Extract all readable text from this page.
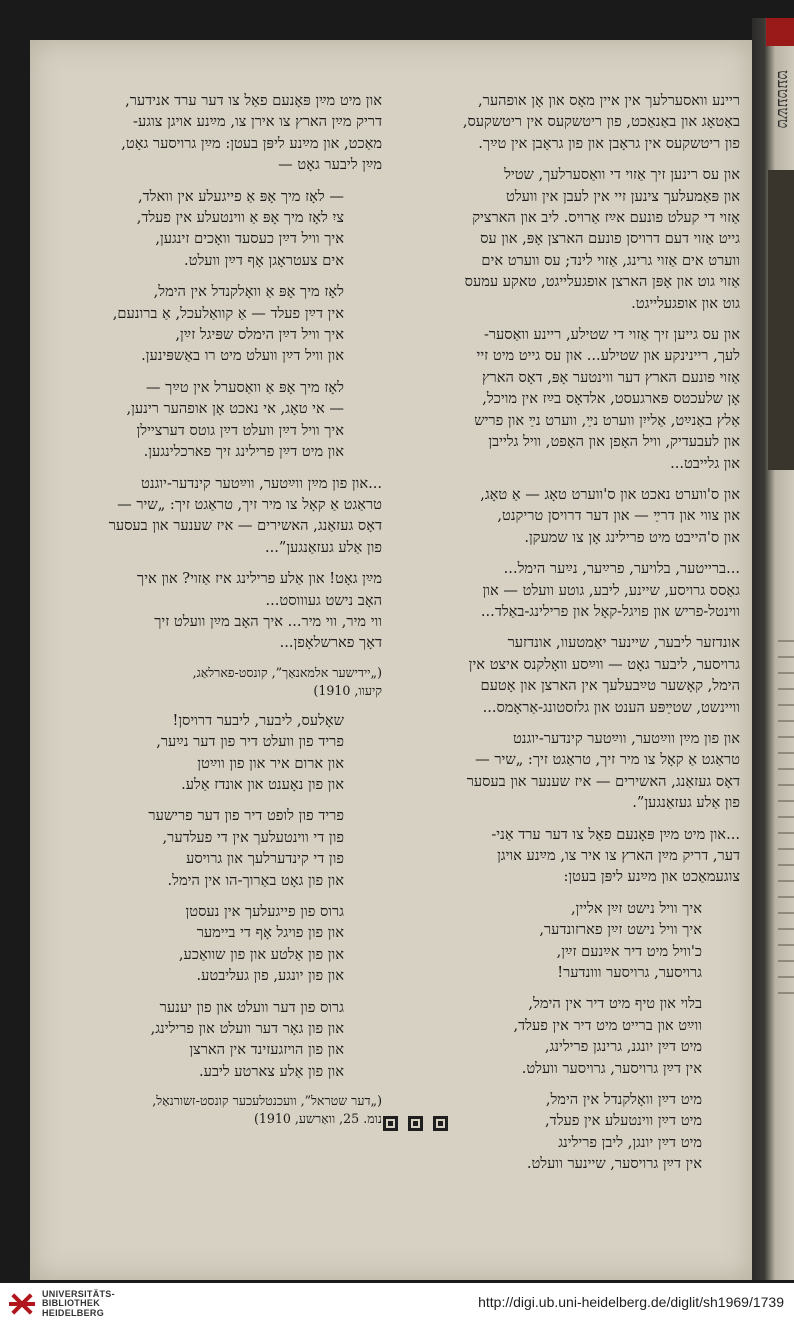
טשעטעט

ריינע וואסערלעך אין איין מאָס און אָן אופהער,
באַטאָג און באַנאַכט, פון ריטשקעס אין ריטשקעס,
פון ריטשקעס אין גראָבן און פון גראָבן אין טײַך.

און עס רינען זיך אַזוי די וואַסערלעך, שטיל
און פּאַמעלעך צינען זיי אין לעבן אין וועלט
אַזוי די קעלט פונעם אײַז אַרויס. ליב און הארציק
גייט אַזוי דעם דרויסן פונעם הארצן אָפּ, און עס
ווערט אים אַזוי גרינג, אַזוי לינד; עס ווערט אים
אַזוי גוט און אָפּן הארצן אופגעלייגט, טאקע עמעס
גוט און אופגעלייגט.

און עס גייען זיך אַזוי די שטילע, ריינע וואַסער-
לעך, ריינינקע און שטילע... און עס גייט מיט זיי
אַזוי פונעם הארץ דער ווינטער אָפּ, דאָס הארץ
אָן שלעכטס פּארגעסט, אלדאָס בײַז אין מויכל,
אַלץ באַנײַט, אַלייִן ווערט נײַ, ווערט נײַ און פריש
און לעבעדיק, וויל האָפן און האָפט, וויל גלייבן
און גלייבט...

און ס'ווערט נאכט און ס'ווערט טאָג — אַ טאָג,
און צווי און דרײַ — און דער דרויסן טריקנט,
און ס'הייבט מיט פרילינג אָן צו שמעקן.

...ברייטער, בלויער, פרײַער, נײַער הימל...
גאַסס גרויסע, שיינע, ליבע, גוטע וועלט — און
ווינטל-פריש און פויגל-קאָל און פרילינג-באַלד...

אונדזער ליבער, שיינער יאַמטעוו, אונדזער
גרויסער, ליבער גאָט — ווײַסע וואָלקנס איצט אין
הימל, קאָשער טײַבעלעך אין הארצן און אָטעם
וויינשט, שטײַפּע הענט און גלזסטונג-אַראָמס...

און פון מײַן ווײַטער, ווײַטער קינדער-יוגנט
טראַגט אַ קאָל צו מיר זיך, טראַגט זיך: „שיר —
דאָס געזאַנג, האשירים — איז שענער און בעסער
פון אַלע געזאַנגען”.

...און מיט מײַן פּאָנעם פאַל צו דער ערד אַני-
דער, דריק מײַן הארץ צו איר צו, מײַנע אויגן
צוגעמאַכט און מײַנע ליפּן בעטן:

איך וויל נישט זײַן אליין,
איך וויל נישט זײַן פארזונדער,
כ'וויל מיט דיר אײַנעם זײַן,
גרויסער, גרויסער ווונדער!

בלוי און טיף מיט דיר אין הימל,
ווײַט און ברייט מיט דיר אין פעלד,
מיט דײַן יונגנ, גרינגן פרילינג,
אין דײַן גרויסער, גרויסער וועלט.

מיט דײַן וואָלקנדל אין הימל,
מיט דײַן ווינטעלע אין פעלד,
מיט דײַן יונגן, ליבן פרילינג
אין דײַן גרויסער, שיינער וועלט.

און מיט מײַן פּאָנעם פאַל צו דער ערד אנידער,
דריק מײַן הארץ צו אירן צו, מײַנע אויגן צוגע-
מאַכט, און מײַנע ליפּן בעטן: מײַן גרויסער גאָט,
מײַן ליבער גאָט —

— לאָז מיך אָפּ אַ פייגעלע אין וואלד,
ציִ לאָז מיך אָפּ אַ ווינטעלע אין פעלד,
איך וויל דײַן כעסעד וואָכים זינגען,
אים צעטראָגן אָף דײַן וועלט.

לאָז מיך אָפּ אַ וואָלקנדל אין הימל,
אין דײַן פעלד — אַ קוואַלעכל, אַ ברונעם,
איך וויל דײַן הימלס שפּיגל זײַן,
און וויל דײַן וועלט מיט רו באַשפּינען.

לאָז מיך אָפּ אַ וואַסערל אין טײַך —
— אי טאָג, אי נאכט אָן אופהער רינען,
איך וויל דײַן וועלט דײַן גוטס דערציילן
און מיט דײַן פרילינג זיך פארכלינגען.

...און פון מײַן ווײַטער, ווײַטער קינדער-יוגנט
טראַגט אַ קאָל צו מיר זיך, טראַגט זיך: „שיר —
דאָס געזאַנג, האשירים — איז שענער און בעסער
פון אַלע געזאַנגען”...

מײַן גאָט! און אַלע פרילינג איז אַזוי? און איך
האָב נישט געוווסט...
ווי מיר, ווי מיר... איך האָב מײַן וועלט זיך
דאָך פארשלאָפן...

(„יידישער אלמאנאַך”, קונסט-פארלאַג,
קיעוו, 1910)

שאָלעס, ליבער, ליבער דרויסן!
פריד פון וועלט דיר פון דער נײַער,
און ארום איר און פון ווײַטן
און פון נאָענט און אונדז אַלע.

פריד פון לופט דיר פון דער פרישער
פון די ווינטעלעך אין די פעלדער,
פון די קינדערלעך און גרויסע
און פון גאָט באַרוך-הו אין הימל.

גרוס פון פייגעלעך אין נעסטן
און פון פויגל אָף די ביימער
און פון אַלטע און פון שוואַכע,
און פון יונגע, פון געליבטע.

גרוס פון דער וועלט און פון יענער
און פון גאָר דער וועלט און פרילינג,
און פון הויזגעזינד אין הארצן
און פון אַלע צארטע ליבע.

(„דער שטראל”, וועכנטלעכער קונסט-זשורנאַל,
נומ. 25, וואַרשע, 1910)

UNIVERSITÄTS-
BIBLIOTHEK
HEIDELBERG
http://digi.ub.uni-heidelberg.de/diglit/sh1969/1739
